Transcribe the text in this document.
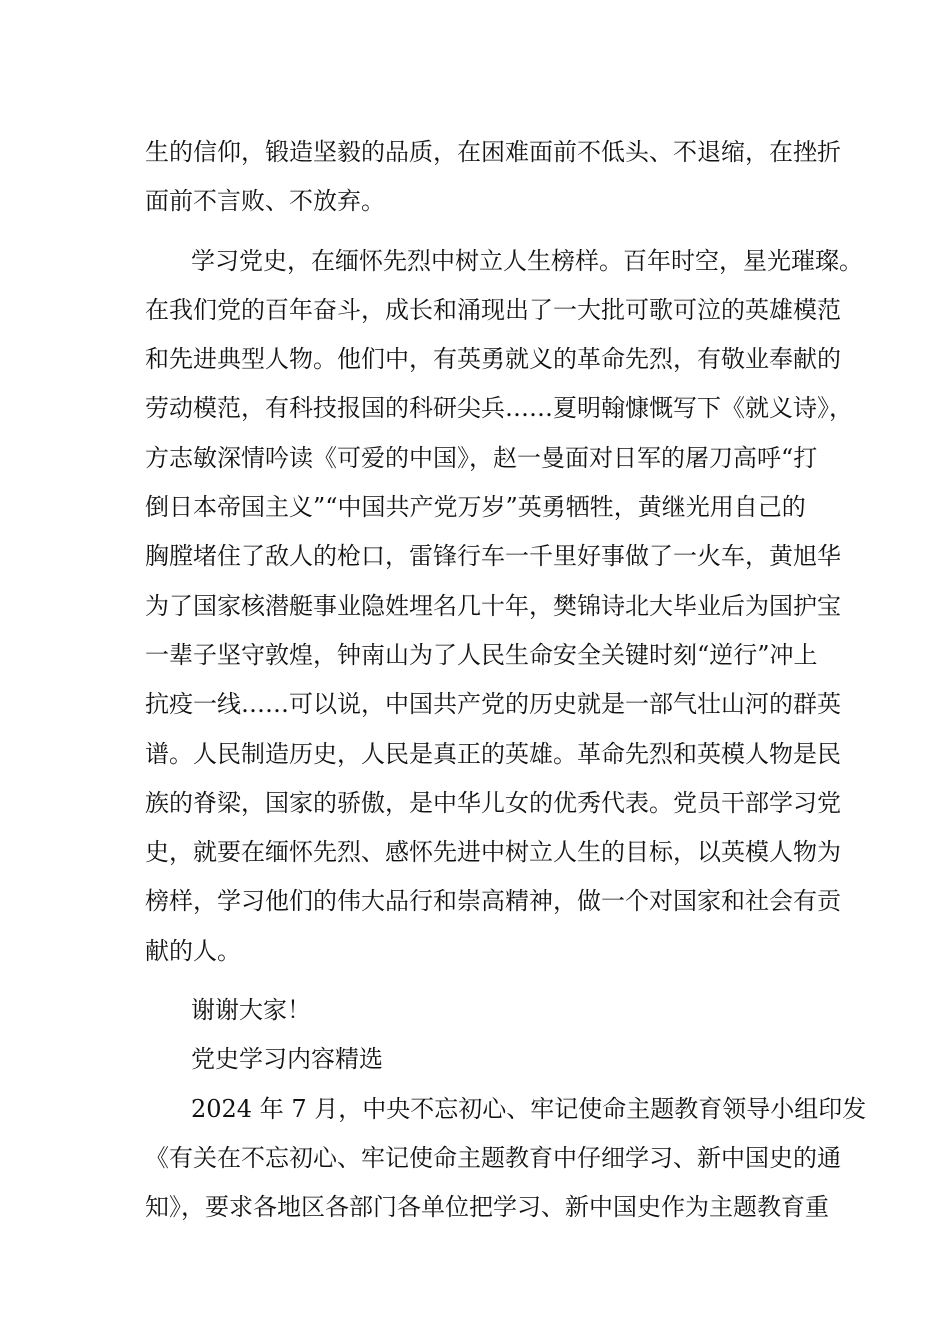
生的信仰，锻造坚毅的品质，在困难面前不低头、不退缩，在挫折
面前不言败、不放弃。
学习党史，在缅怀先烈中树立人生榜样。百年时空，星光璀璨。
在我们党的百年奋斗，成长和涌现出了一大批可歌可泣的英雄模范
和先进典型人物。他们中，有英勇就义的革命先烈，有敬业奉献的
劳动模范，有科技报国的科研尖兵……夏明翰慷慨写下《就义诗》，
方志敏深情吟读《可爱的中国》，赵一曼面对日军的屠刀高呼“打
倒日本帝国主义”“中国共产党万岁”英勇牺牲，黄继光用自己的
胸膛堵住了敌人的枪口，雷锋行车一千里好事做了一火车，黄旭华
为了国家核潜艇事业隐姓埋名几十年，樊锦诗北大毕业后为国护宝
一辈子坚守敦煌，钟南山为了人民生命安全关键时刻“逆行”冲上
抗疫一线……可以说，中国共产党的历史就是一部气壮山河的群英
谱。人民制造历史，人民是真正的英雄。革命先烈和英模人物是民
族的脊梁，国家的骄傲，是中华儿女的优秀代表。党员干部学习党
史，就要在缅怀先烈、感怀先进中树立人生的目标，以英模人物为
榜样，学习他们的伟大品行和崇高精神，做一个对国家和社会有贡
献的人。
谢谢大家！
党史学习内容精选
2024 年 7 月，中央不忘初心、牢记使命主题教育领导小组印发
《有关在不忘初心、牢记使命主题教育中仔细学习、新中国史的通
知》，要求各地区各部门各单位把学习、新中国史作为主题教育重
